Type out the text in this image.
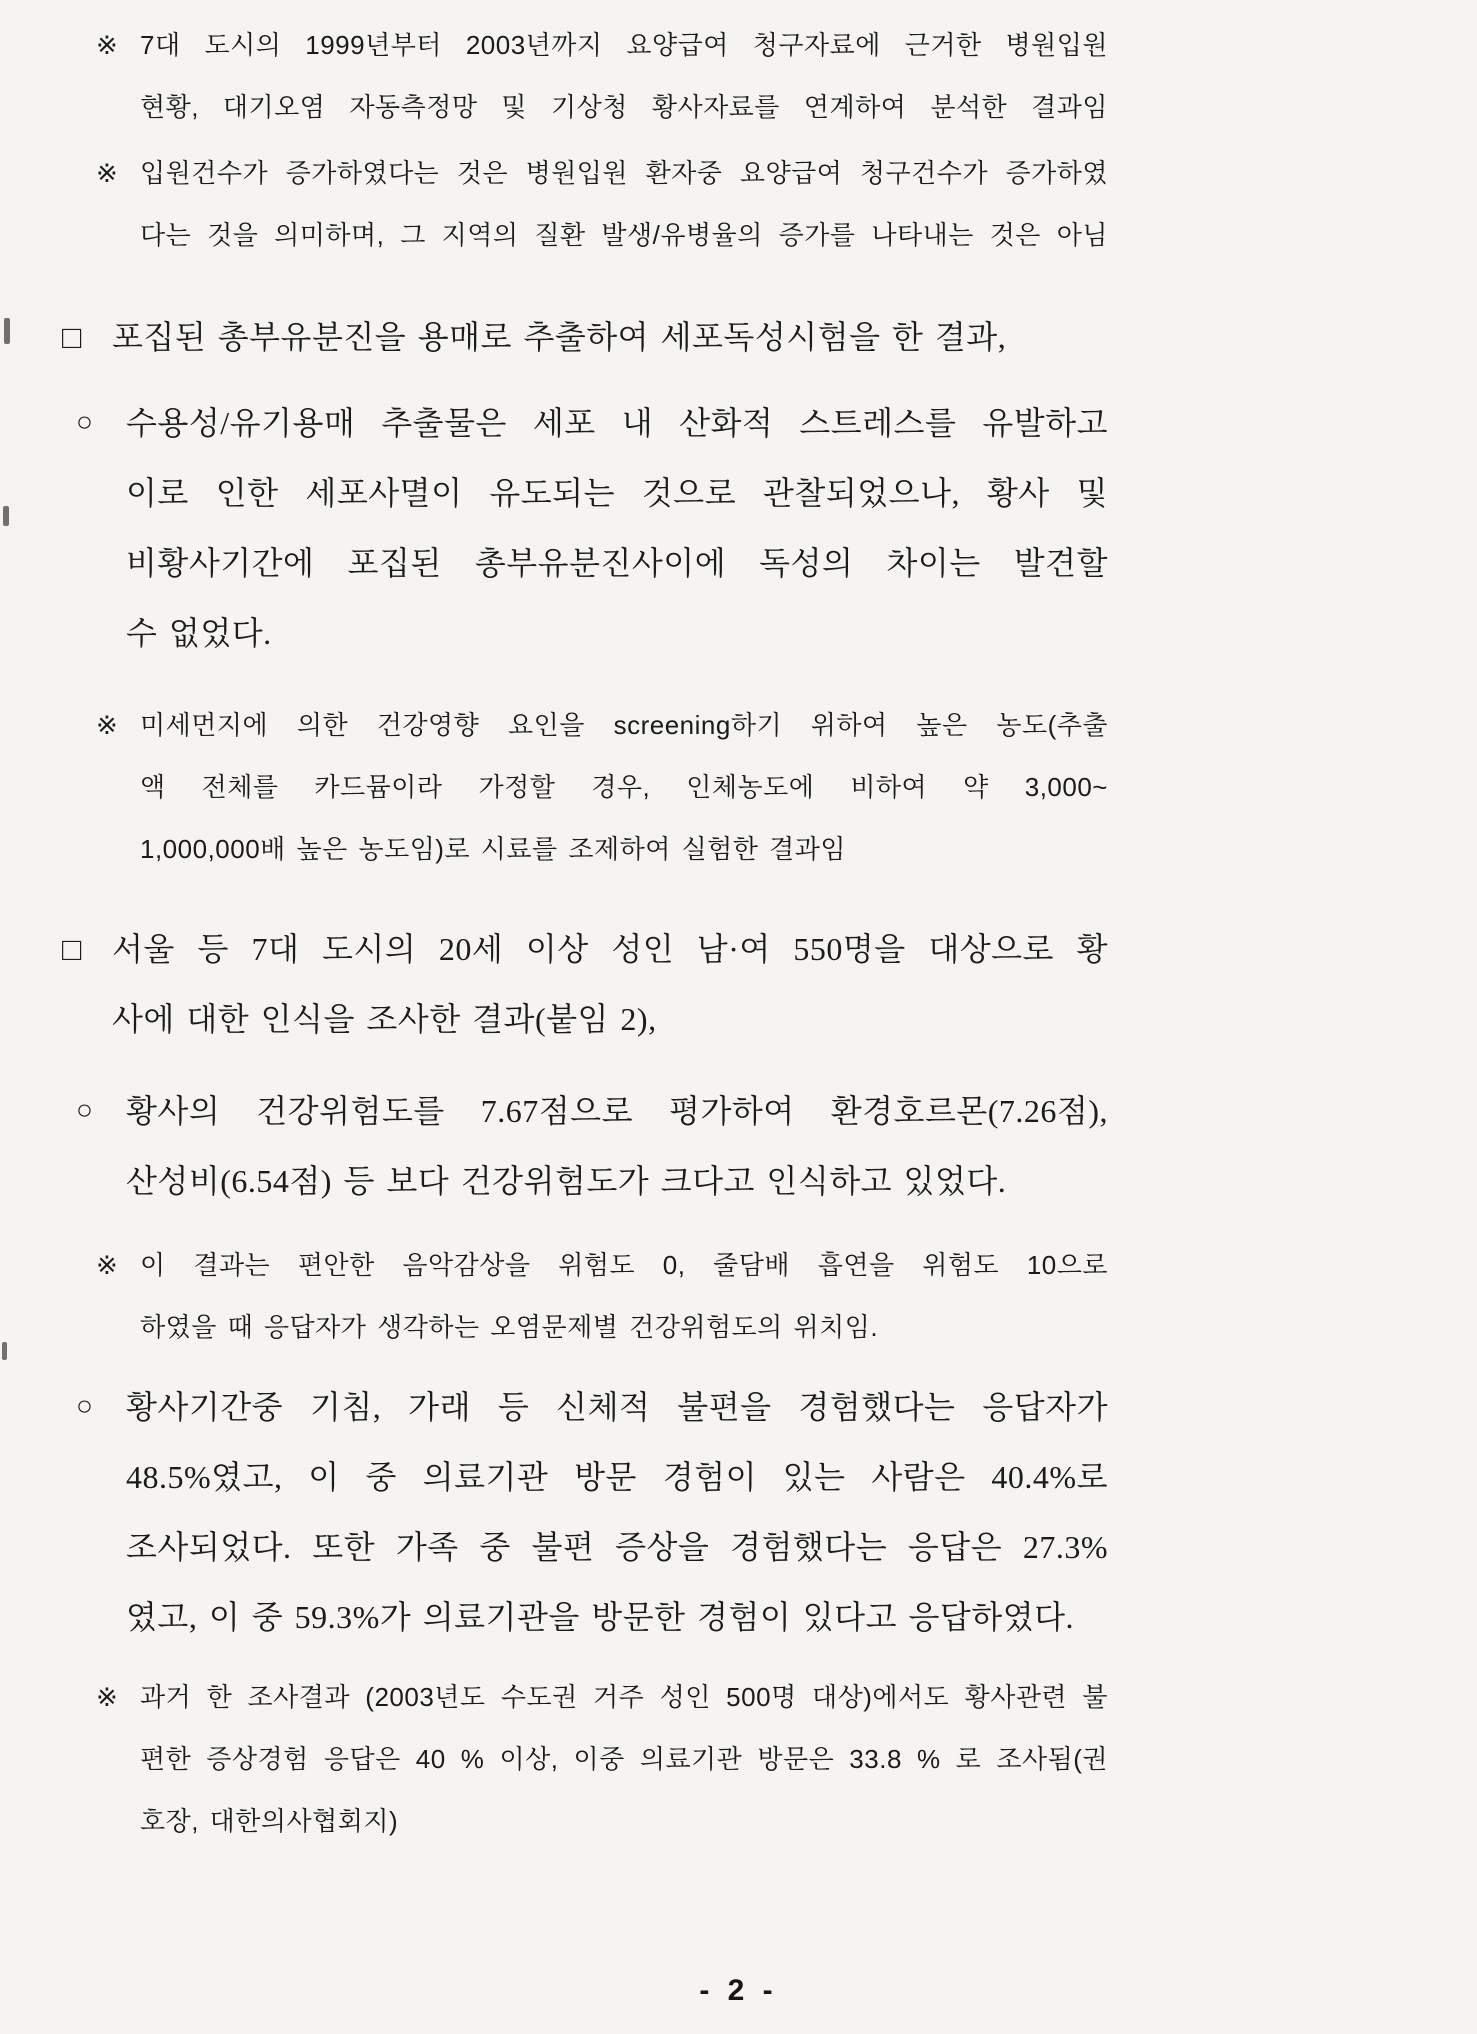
※ 7대 도시의 1999년부터 2003년까지 요양급여 청구자료에 근거한 병원입원
현황, 대기오염 자동측정망 및 기상청 황사자료를 연계하여 분석한 결과임
※ 입원건수가 증가하였다는 것은 병원입원 환자중 요양급여 청구건수가 증가하였
다는 것을 의미하며, 그 지역의 질환 발생/유병율의 증가를 나타내는 것은 아님
□ 포집된 총부유분진을 용매로 추출하여 세포독성시험을 한 결과,
○	수용성/유기용매 추출물은 세포 내 산화적 스트레스를 유발하고
이로 인한 세포사멸이 유도되는 것으로 관찰되었으나, 황사 및
비황사기간에 포집된 총부유분진사이에 독성의 차이는 발견할
수 없었다.
※ 미세먼지에 의한 건강영향 요인을 screening하기 위하여 높은 농도(추출
액 전체를 카드뮴이라 가정할 경우, 인체농도에 비하여 약 3,000~
1,000,000배 높은 농도임)로 시료를 조제하여 실험한 결과임
□ 서울 등 7대 도시의 20세 이상 성인 남·여 550명을 대상으로 황
사에 대한 인식을 조사한 결과(붙임 2),
○	황사의 건강위험도를 7.67점으로 평가하여 환경호르몬(7.26점),
산성비(6.54점) 등 보다 건강위험도가 크다고 인식하고 있었다.
※ 이 결과는 편안한 음악감상을 위험도 0, 줄담배 흡연을 위험도 10으로
하였을 때 응답자가 생각하는 오염문제별 건강위험도의 위치임.
○	황사기간중 기침, 가래 등 신체적 불편을 경험했다는 응답자가
48.5%였고, 이 중 의료기관 방문 경험이 있는 사람은 40.4%로
조사되었다. 또한 가족 중 불편 증상을 경험했다는 응답은 27.3%
였고, 이 중 59.3%가 의료기관을 방문한 경험이 있다고 응답하였다.
※ 과거 한 조사결과 (2003년도 수도권 거주 성인 500명 대상)에서도 황사관련 불
편한 증상경험 응답은 40 % 이상, 이중 의료기관 방문은 33.8 % 로 조사됨(권
호장, 대한의사협회지)
- 2 -
